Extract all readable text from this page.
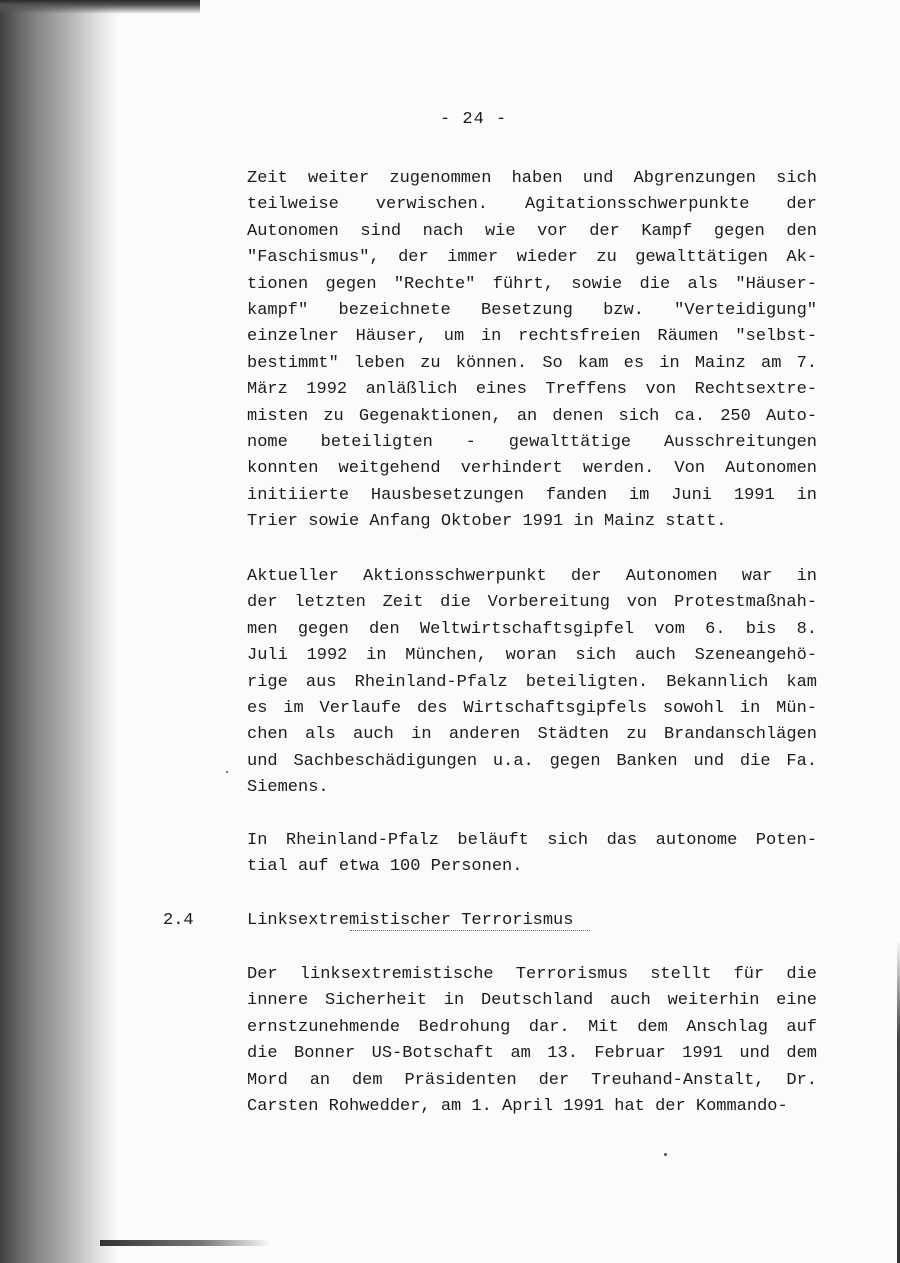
- 24 -
Zeit weiter zugenommen haben und Abgrenzungen sich
teilweise verwischen. Agitationsschwerpunkte der
Autonomen sind nach wie vor der Kampf gegen den
"Faschismus", der immer wieder zu gewalttätigen Ak-
tionen gegen "Rechte" führt, sowie die als "Häuser-
kampf" bezeichnete Besetzung bzw. "Verteidigung"
einzelner Häuser, um in rechtsfreien Räumen "selbst-
bestimmt" leben zu können. So kam es in Mainz am 7.
März 1992 anläßlich eines Treffens von Rechtsextre-
misten zu Gegenaktionen, an denen sich ca. 250 Auto-
nome beteiligten - gewalttätige Ausschreitungen
konnten weitgehend verhindert werden. Von Autonomen
initiierte Hausbesetzungen fanden im Juni 1991 in
Trier sowie Anfang Oktober 1991 in Mainz statt.
Aktueller Aktionsschwerpunkt der Autonomen war in
der letzten Zeit die Vorbereitung von Protestmaßnah-
men gegen den Weltwirtschaftsgipfel vom 6. bis 8.
Juli 1992 in München, woran sich auch Szeneangehö-
rige aus Rheinland-Pfalz beteiligten. Bekannlich kam
es im Verlaufe des Wirtschaftsgipfels sowohl in Mün-
chen als auch in anderen Städten zu Brandanschlägen
und Sachbeschädigungen u.a. gegen Banken und die Fa.
Siemens.
In Rheinland-Pfalz beläuft sich das autonome Poten-
tial auf etwa 100 Personen.
2.4	Linksextremistischer Terrorismus
Der linksextremistische Terrorismus stellt für die
innere Sicherheit in Deutschland auch weiterhin eine
ernstzunehmende Bedrohung dar. Mit dem Anschlag auf
die Bonner US-Botschaft am 13. Februar 1991 und dem
Mord an dem Präsidenten der Treuhand-Anstalt, Dr.
Carsten Rohwedder, am 1. April 1991 hat der Kommando-
